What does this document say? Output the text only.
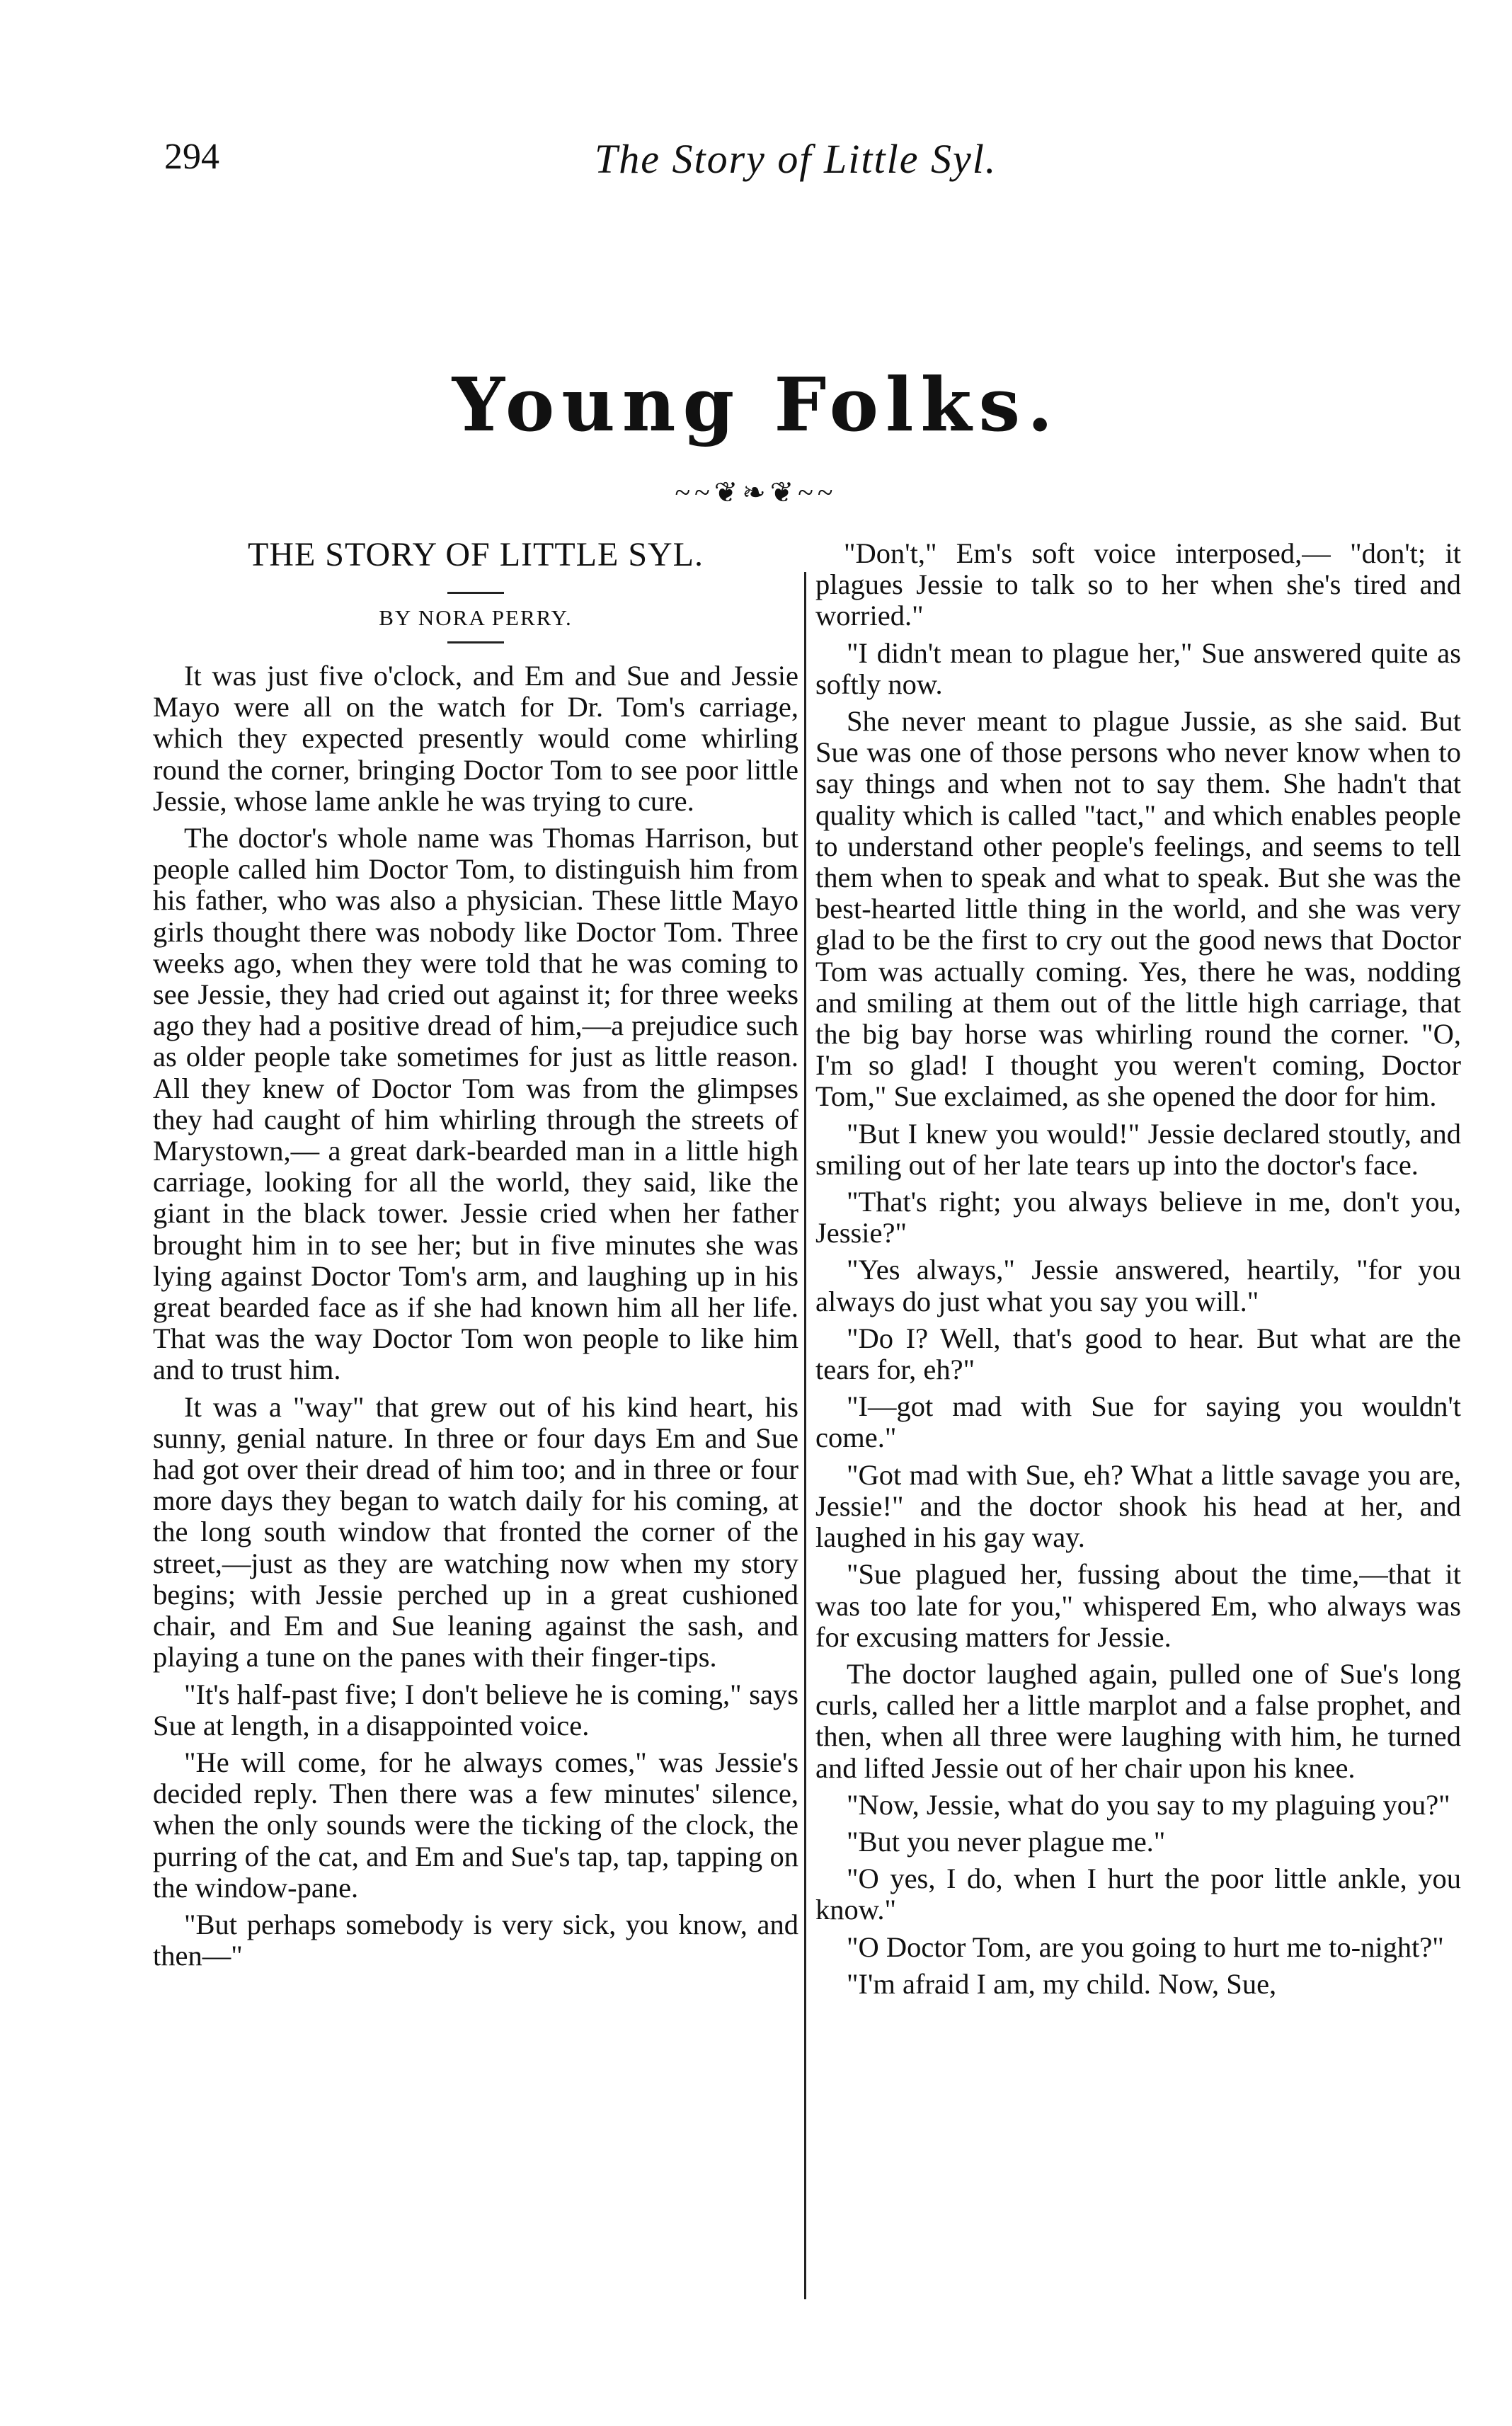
294	The Story of Little Syl.
Young Folks.
~~❦❧❦~~
THE STORY OF LITTLE SYL.
BY NORA PERRY.

It was just five o'clock, and Em and Sue and Jessie Mayo were all on the watch for Dr. Tom's carriage, which they expected presently would come whirling round the corner, bringing Doctor Tom to see poor little Jessie, whose lame ankle he was trying to cure.

The doctor's whole name was Thomas Harrison, but people called him Doctor Tom, to distinguish him from his father, who was also a physician. These little Mayo girls thought there was nobody like Doctor Tom. Three weeks ago, when they were told that he was coming to see Jessie, they had cried out against it; for three weeks ago they had a positive dread of him,—a prejudice such as older people take sometimes for just as little reason. All they knew of Doctor Tom was from the glimpses they had caught of him whirling through the streets of Marystown,— a great dark-bearded man in a little high carriage, looking for all the world, they said, like the giant in the black tower. Jessie cried when her father brought him in to see her; but in five minutes she was lying against Doctor Tom's arm, and laughing up in his great bearded face as if she had known him all her life. That was the way Doctor Tom won people to like him and to trust him.

It was a "way" that grew out of his kind heart, his sunny, genial nature. In three or four days Em and Sue had got over their dread of him too; and in three or four more days they began to watch daily for his coming, at the long south window that fronted the corner of the street,—just as they are watching now when my story begins; with Jessie perched up in a great cushioned chair, and Em and Sue leaning against the sash, and playing a tune on the panes with their finger-tips.

"It's half-past five; I don't believe he is coming," says Sue at length, in a disappointed voice.

"He will come, for he always comes," was Jessie's decided reply. Then there was a few minutes' silence, when the only sounds were the ticking of the clock, the purring of the cat, and Em and Sue's tap, tap, tapping on the window-pane.

"But perhaps somebody is very sick, you know, and then—"

"Don't," Em's soft voice interposed,— "don't; it plagues Jessie to talk so to her when she's tired and worried."

"I didn't mean to plague her," Sue answered quite as softly now.

She never meant to plague Jussie, as she said. But Sue was one of those persons who never know when to say things and when not to say them. She hadn't that quality which is called "tact," and which enables people to understand other people's feelings, and seems to tell them when to speak and what to speak. But she was the best-hearted little thing in the world, and she was very glad to be the first to cry out the good news that Doctor Tom was actually coming. Yes, there he was, nodding and smiling at them out of the little high carriage, that the big bay horse was whirling round the corner. "O, I'm so glad! I thought you weren't coming, Doctor Tom," Sue exclaimed, as she opened the door for him.

"But I knew you would!" Jessie declared stoutly, and smiling out of her late tears up into the doctor's face.

"That's right; you always believe in me, don't you, Jessie?"

"Yes always," Jessie answered, heartily, "for you always do just what you say you will."

"Do I? Well, that's good to hear. But what are the tears for, eh?"

"I—got mad with Sue for saying you wouldn't come."

"Got mad with Sue, eh? What a little savage you are, Jessie!" and the doctor shook his head at her, and laughed in his gay way.

"Sue plagued her, fussing about the time,—that it was too late for you," whispered Em, who always was for excusing matters for Jessie.

The doctor laughed again, pulled one of Sue's long curls, called her a little marplot and a false prophet, and then, when all three were laughing with him, he turned and lifted Jessie out of her chair upon his knee.

"Now, Jessie, what do you say to my plaguing you?"

"But you never plague me."

"O yes, I do, when I hurt the poor little ankle, you know."

"O Doctor Tom, are you going to hurt me to-night?"

"I'm afraid I am, my child. Now, Sue,
